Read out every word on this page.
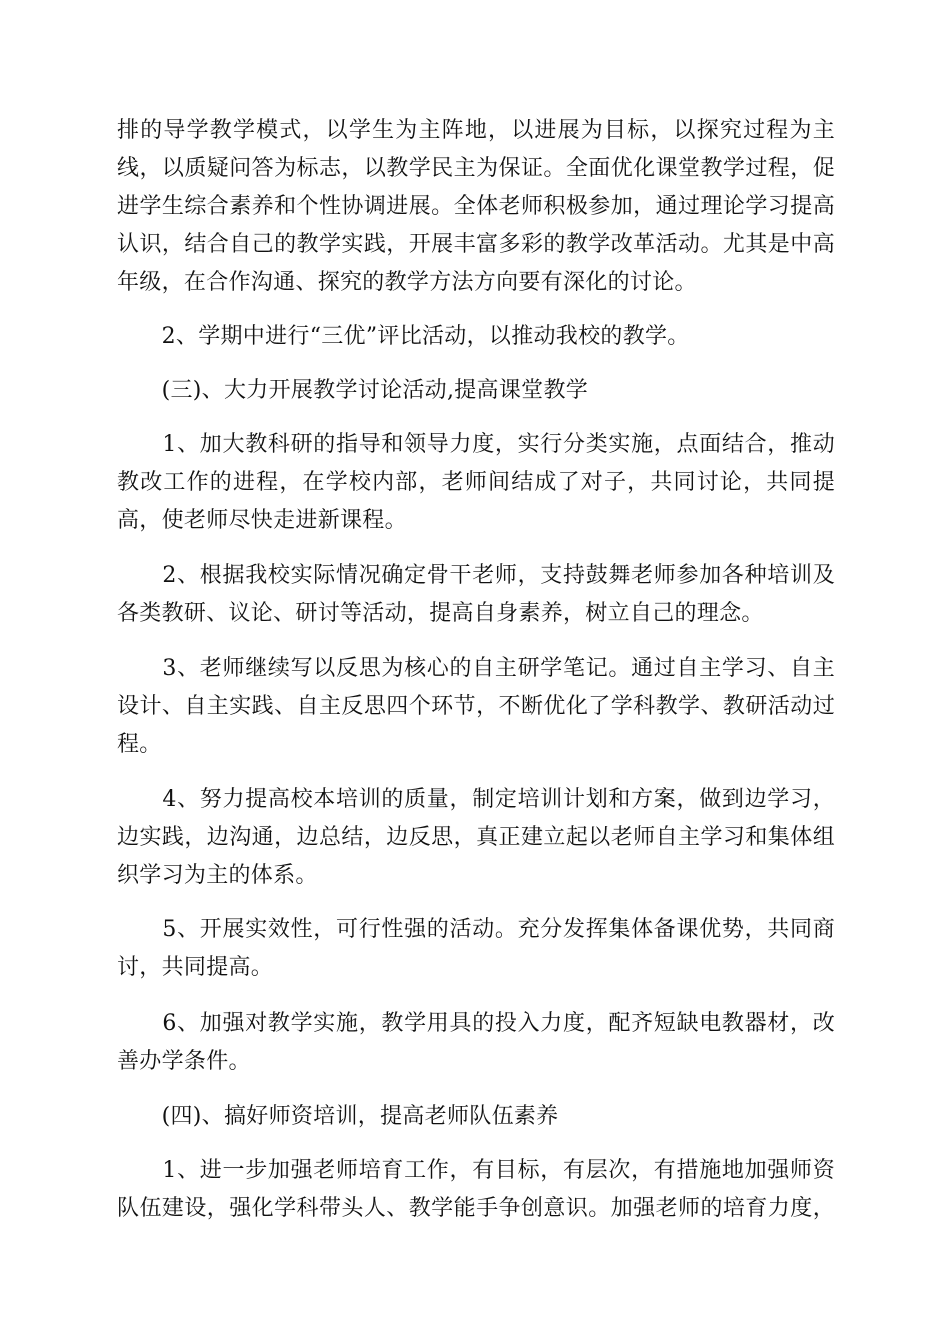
排的导学教学模式，以学生为主阵地，以进展为目标，以探究过程为主
线，以质疑问答为标志，以教学民主为保证。全面优化课堂教学过程，促
进学生综合素养和个性协调进展。全体老师积极参加，通过理论学习提高
认识，结合自己的教学实践，开展丰富多彩的教学改革活动。尤其是中高
年级，在合作沟通、探究的教学方法方向要有深化的讨论。
　　2、学期中进行“三优”评比活动，以推动我校的教学。
　　(三)、大力开展教学讨论活动,提高课堂教学
　　1、加大教科研的指导和领导力度，实行分类实施，点面结合，推动
教改工作的进程，在学校内部，老师间结成了对子，共同讨论，共同提
高，使老师尽快走进新课程。
　　2、根据我校实际情况确定骨干老师，支持鼓舞老师参加各种培训及
各类教研、议论、研讨等活动，提高自身素养，树立自己的理念。
　　3、老师继续写以反思为核心的自主研学笔记。通过自主学习、自主
设计、自主实践、自主反思四个环节，不断优化了学科教学、教研活动过
程。
　　4、努力提高校本培训的质量，制定培训计划和方案，做到边学习，
边实践，边沟通，边总结，边反思，真正建立起以老师自主学习和集体组
织学习为主的体系。
　　5、开展实效性，可行性强的活动。充分发挥集体备课优势，共同商
讨，共同提高。
　　6、加强对教学实施，教学用具的投入力度，配齐短缺电教器材，改
善办学条件。
　　(四)、搞好师资培训，提高老师队伍素养
　　1、进一步加强老师培育工作，有目标，有层次，有措施地加强师资
队伍建设，强化学科带头人、教学能手争创意识。加强老师的培育力度，
